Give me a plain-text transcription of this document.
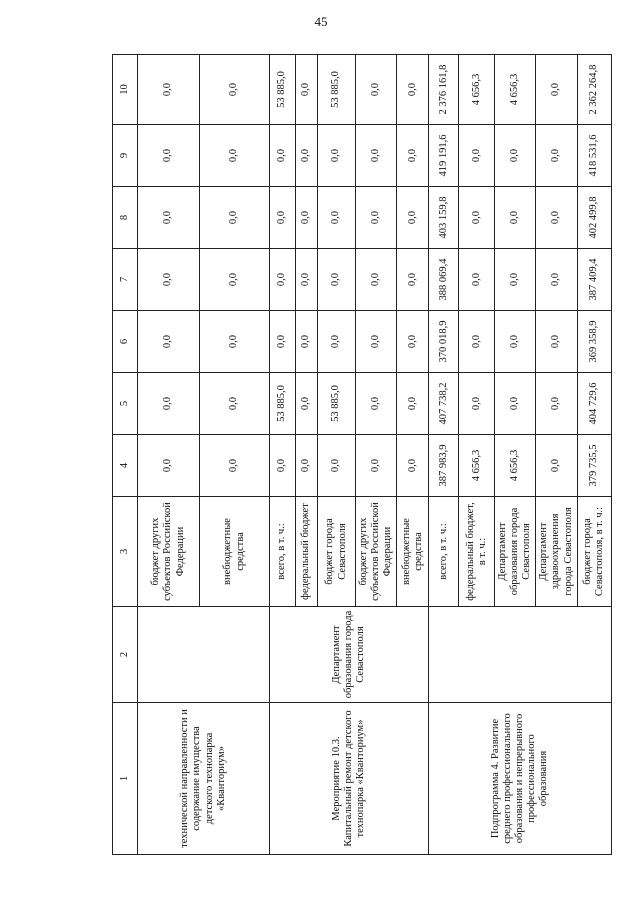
45
1	2	3	4	5	6	7	8	9	10
технической направленности и содержание имущества детского технопарка «Кванториум»		бюджет других субъектов Российской Федерации	0,0	0,0	0,0	0,0	0,0	0,0	0,0
		внебюджетные средства	0,0	0,0	0,0	0,0	0,0	0,0	0,0
Мероприятие 10.3. Капитальный ремонт детского технопарка «Кванториум»	Департамент образования города Севастополя	всего, в т. ч.:	0,0	53 885,0	0,0	0,0	0,0	0,0	53 885,0
		федеральный бюджет	0,0	0,0	0,0	0,0	0,0	0,0	0,0
		бюджет города Севастополя	0,0	53 885,0	0,0	0,0	0,0	0,0	53 885,0
		бюджет других субъектов Российской Федерации	0,0	0,0	0,0	0,0	0,0	0,0	0,0
		внебюджетные средства	0,0	0,0	0,0	0,0	0,0	0,0	0,0
Подпрограмма 4. Развитие среднего профессионального образования и непрерывного профессионального образования		всего, в т. ч.:	387 983,9	407 738,2	370 018,9	388 069,4	403 159,8	419 191,6	2 376 161,8
		федеральный бюджет, в т. ч.:	4 656,3	0,0	0,0	0,0	0,0	0,0	4 656,3
		Департамент образования города Севастополя	4 656,3	0,0	0,0	0,0	0,0	0,0	4 656,3
		Департамент здравоохранения города Севастополя	0,0	0,0	0,0	0,0	0,0	0,0	0,0
		бюджет города Севастополя, в т. ч.:	379 735,5	404 729,6	369 358,9	387 409,4	402 499,8	418 531,6	2 362 264,8
